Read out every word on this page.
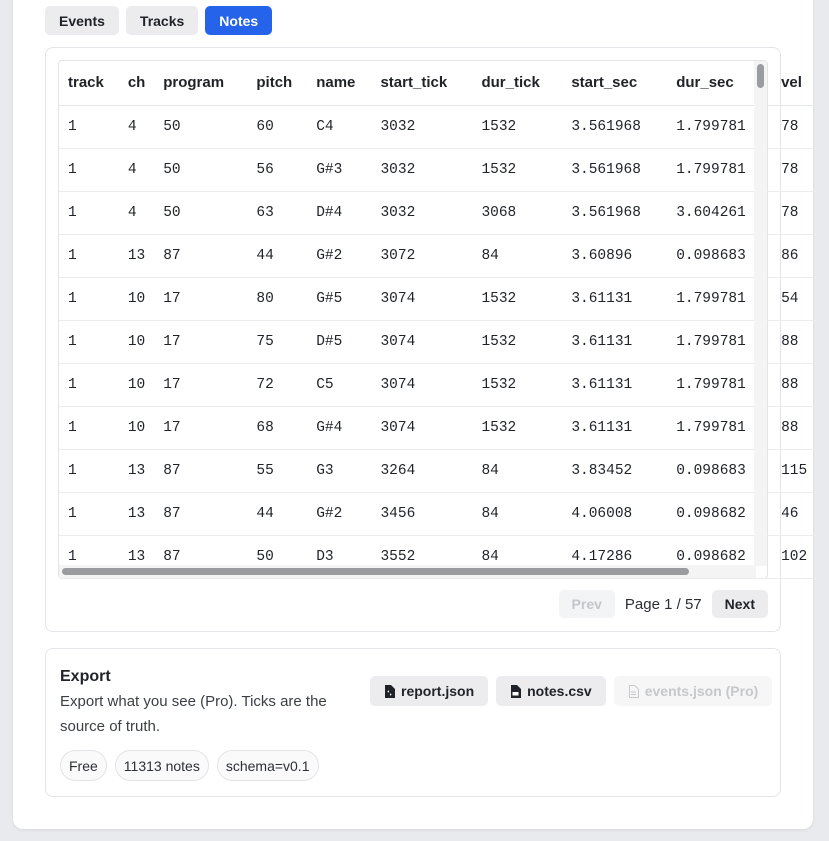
Events	Tracks	Notes
track	ch	program	pitch	name	start_tick	dur_tick	start_sec	dur_sec	vel
1	4	50	60	C4	3032	1532	3.561968	1.799781	78
1	4	50	56	G#3	3032	1532	3.561968	1.799781	78
1	4	50	63	D#4	3032	3068	3.561968	3.604261	78
1	13	87	44	G#2	3072	84	3.60896	0.098683	86
1	10	17	80	G#5	3074	1532	3.61131	1.799781	54
1	10	17	75	D#5	3074	1532	3.61131	1.799781	88
1	10	17	72	C5	3074	1532	3.61131	1.799781	88
1	10	17	68	G#4	3074	1532	3.61131	1.799781	88
1	13	87	55	G3	3264	84	3.83452	0.098683	115
1	13	87	44	G#2	3456	84	4.06008	0.098682	46
1	13	87	50	D3	3552	84	4.17286	0.098682	102
Prev	Page 1 / 57	Next
Export
Export what you see (Pro). Ticks are the source of truth.
report.json	notes.csv	events.json (Pro)
Free	11313 notes	schema=v0.1
